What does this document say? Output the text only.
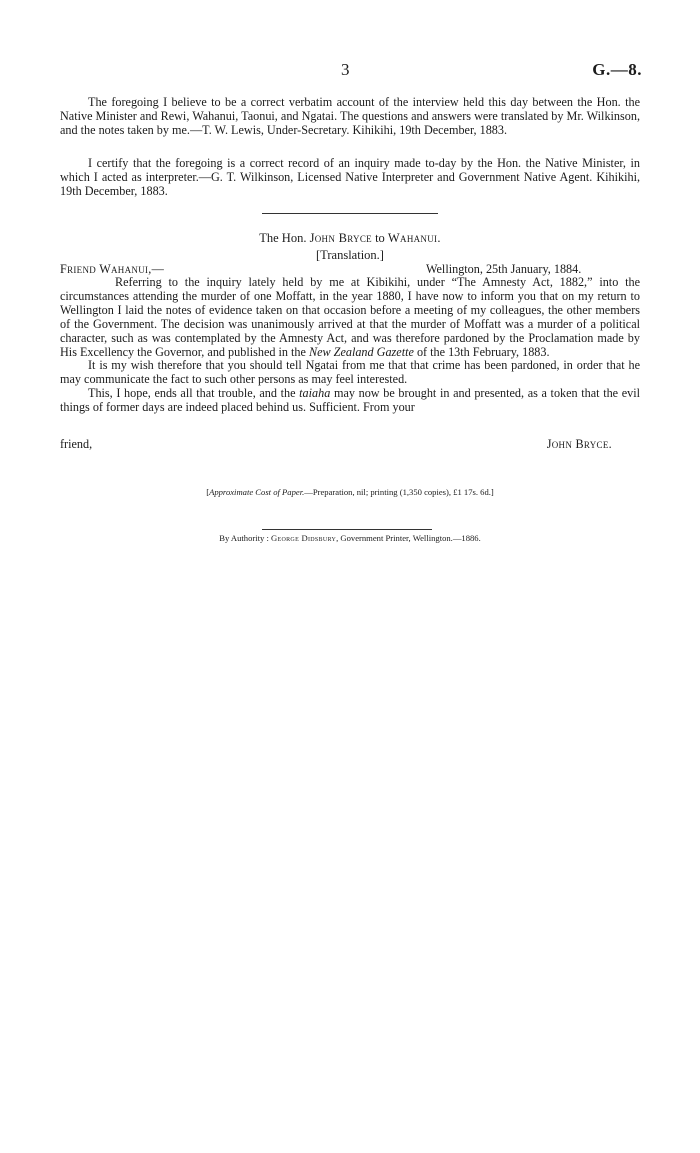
3	G.—8.

The foregoing I believe to be a correct verbatim account of the interview held this day between the Hon. the Native Minister and Rewi, Wahanui, Taonui, and Ngatai. The questions and answers were translated by Mr. Wilkinson, and the notes taken by me.—T. W. Lewis, Under-Secretary. Kihikihi, 19th December, 1883.

I certify that the foregoing is a correct record of an inquiry made to-day by the Hon. the Native Minister, in which I acted as interpreter.—G. T. Wilkinson, Licensed Native Interpreter and Government Native Agent. Kihikihi, 19th December, 1883.

The Hon. John Bryce to Wahanui.
[Translation.]
Friend Wahanui,—	Wellington, 25th January, 1884.

Referring to the inquiry lately held by me at Kibikihi, under “The Amnesty Act, 1882,” into the circumstances attending the murder of one Moffatt, in the year 1880, I have now to inform you that on my return to Wellington I laid the notes of evidence taken on that occasion before a meeting of my colleagues, the other members of the Government. The decision was unanimously arrived at that the murder of Moffatt was a murder of a political character, such as was contemplated by the Amnesty Act, and was therefore pardoned by the Proclamation made by His Excellency the Governor, and published in the New Zealand Gazette of the 13th February, 1883.

It is my wish therefore that you should tell Ngatai from me that that crime has been pardoned, in order that he may communicate the fact to such other persons as may feel interested.

This, I hope, ends all that trouble, and the taiaha may now be brought in and presented, as a token that the evil things of former days are indeed placed behind us. Sufficient. From your

friend,	John Bryce.
[Approximate Cost of Paper.—Preparation, nil; printing (1,350 copies), £1 17s. 6d.]
By Authority : George Didsbury, Government Printer, Wellington.—1886.
